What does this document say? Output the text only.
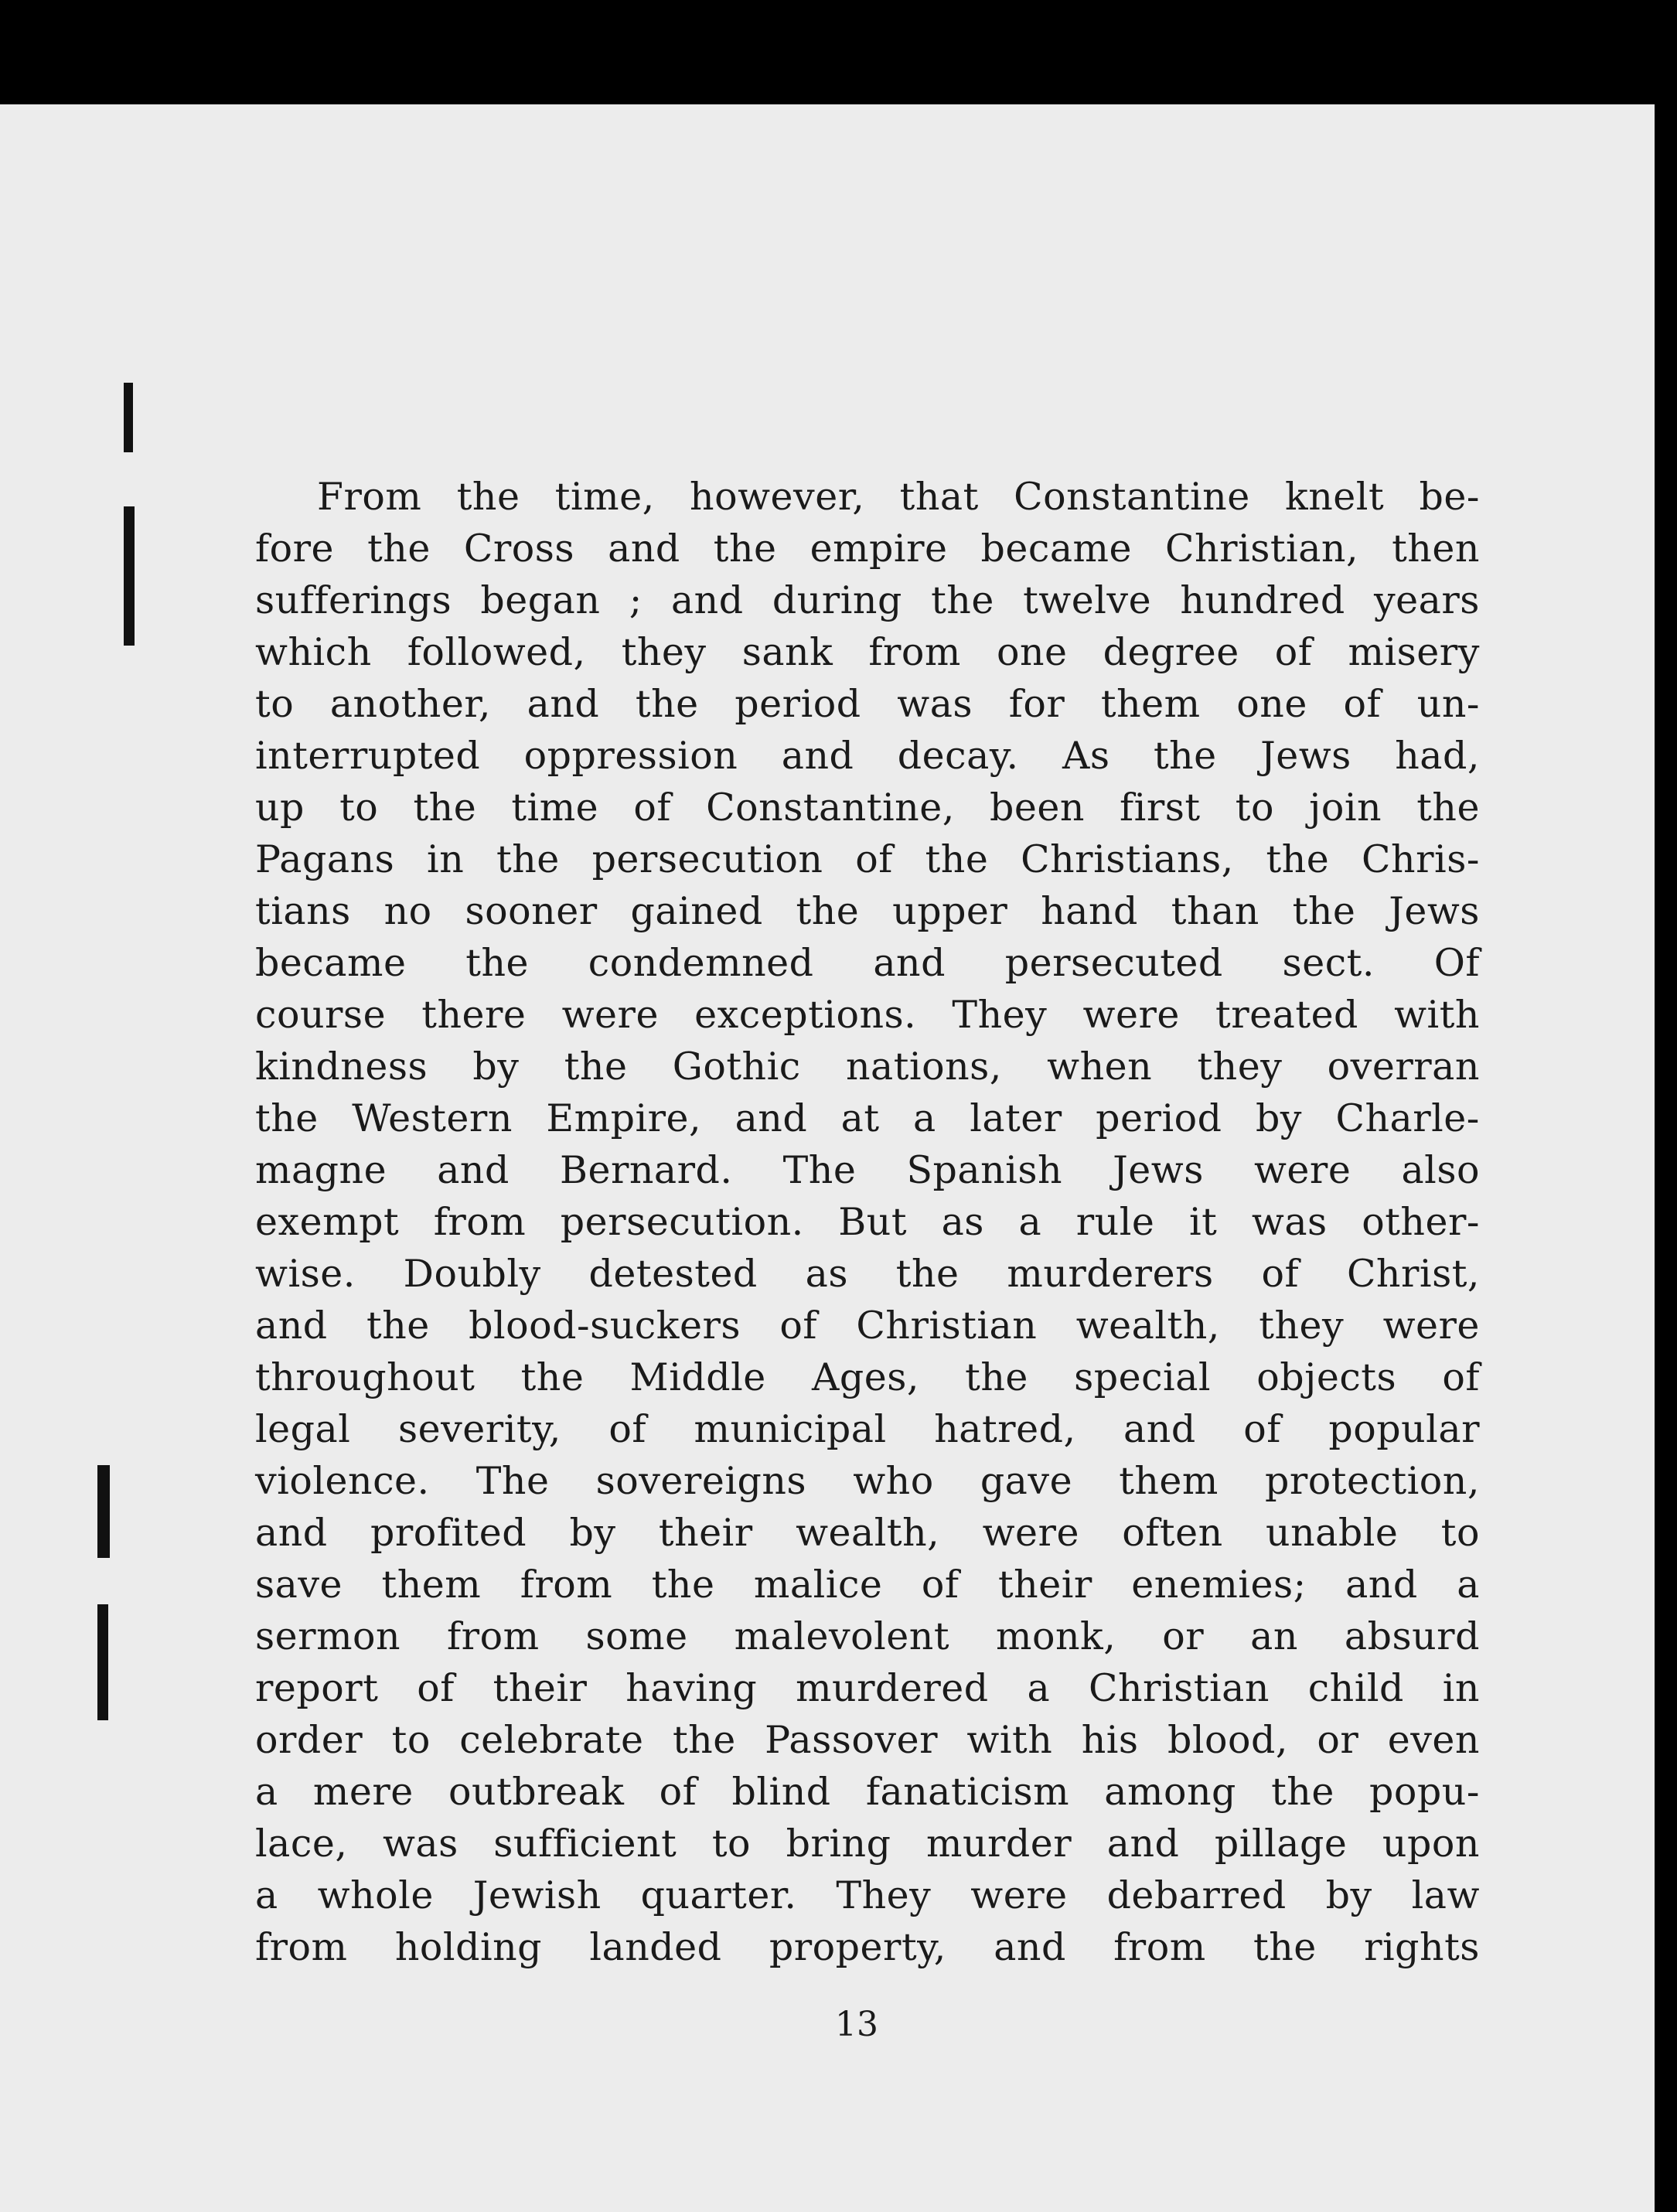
From the time, however, that Constantine knelt be-
fore the Cross and the empire became Christian, then
sufferings began ; and during the twelve hundred years
which followed, they sank from one degree of misery
to another, and the period was for them one of un-
interrupted oppression and decay. As the Jews had,
up to the time of Constantine, been first to join the
Pagans in the persecution of the Christians, the Chris-
tians no sooner gained the upper hand than the Jews
became the condemned and persecuted sect. Of
course there were exceptions. They were treated with
kindness by the Gothic nations, when they overran
the Western Empire, and at a later period by Charle-
magne and Bernard. The Spanish Jews were also
exempt from persecution. But as a rule it was other-
wise. Doubly detested as the murderers of Christ,
and the blood-suckers of Christian wealth, they were
throughout the Middle Ages, the special objects of
legal severity, of municipal hatred, and of popular
violence. The sovereigns who gave them protection,
and profited by their wealth, were often unable to
save them from the malice of their enemies; and a
sermon from some malevolent monk, or an absurd
report of their having murdered a Christian child in
order to celebrate the Passover with his blood, or even
a mere outbreak of blind fanaticism among the popu-
lace, was sufficient to bring murder and pillage upon
a whole Jewish quarter. They were debarred by law
from holding landed property, and from the rights
13
